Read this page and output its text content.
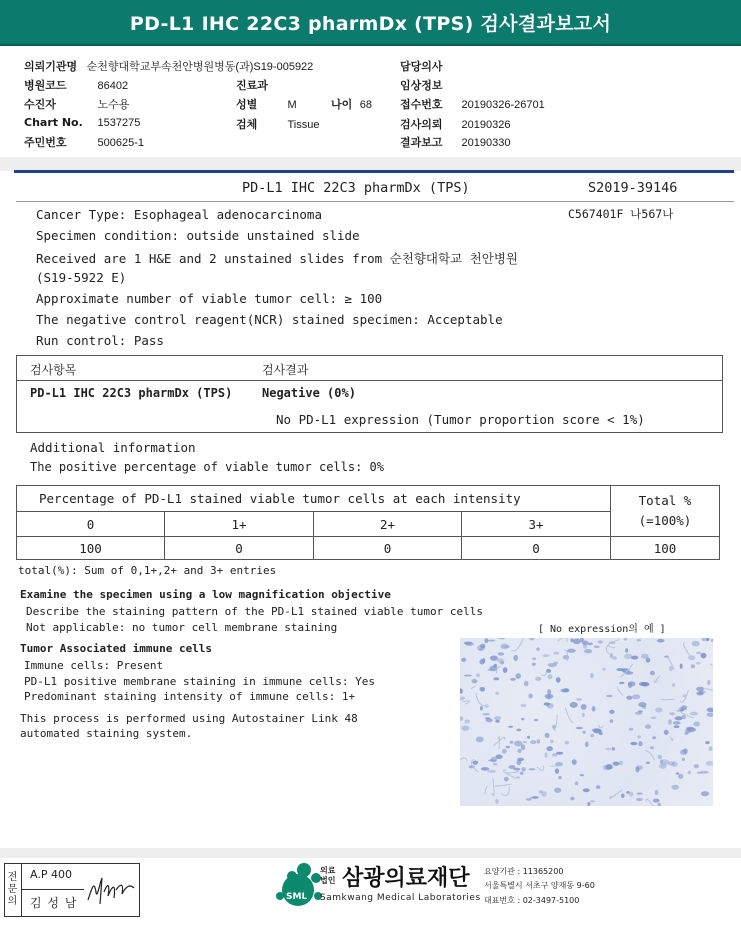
PD-L1 IHC 22C3 pharmDx (TPS) 검사결과보고서
의뢰기관명 순천향대학교부속천안병원병동(과)S19-005922
병원코드	86402
수진자	노수용
Chart No. 1537275
주민번호	500625-1
진료과
성별	M	나이 68
검체	Tissue
담당의사
임상정보
접수번호 20190326-26701
검사의뢰 20190326
결과보고 20190330
PD-L1 IHC 22C3 pharmDx (TPS)	S2019-39146
C567401F 나567나
Cancer Type: Esophageal adenocarcinoma
Specimen condition: outside unstained slide
Received are 1 H&E and 2 unstained slides from 순천향대학교 천안병원
(S19-5922 E)
Approximate number of viable tumor cell: ≥ 100
The negative control reagent(NCR) stained specimen: Acceptable
Run control: Pass
검사항목	검사결과
PD-L1 IHC 22C3 pharmDx (TPS) Negative (0%)
No PD-L1 expression (Tumor proportion score < 1%)
Additional information
The positive percentage of viable tumor cells: 0%
Percentage of PD-L1 stained viable tumor cells at each intensity	Total %
(=100%)
0	1+	2+	3+
100	0	0	0	100
total(%): Sum of 0,1+,2+ and 3+ entries
Examine the specimen using a low magnification objective
Describe the staining pattern of the PD-L1 stained viable tumor cells
Not applicable: no tumor cell membrane staining	[ No expression의 예 ]
Tumor Associated immune cells
Immune cells: Present
PD-L1 positive membrane staining in immune cells: Yes
Predominant staining intensity of immune cells: 1+
This process is performed using Autostainer Link 48
automated staining system.
전
문
의
A.P 400
김 성 남	SML
의료
법인 삼광의료재단
Samkwang Medical Laboratories
요양기관 : 11365200
서울특별시 서초구 양재동 9-60
대표번호 : 02-3497-5100
